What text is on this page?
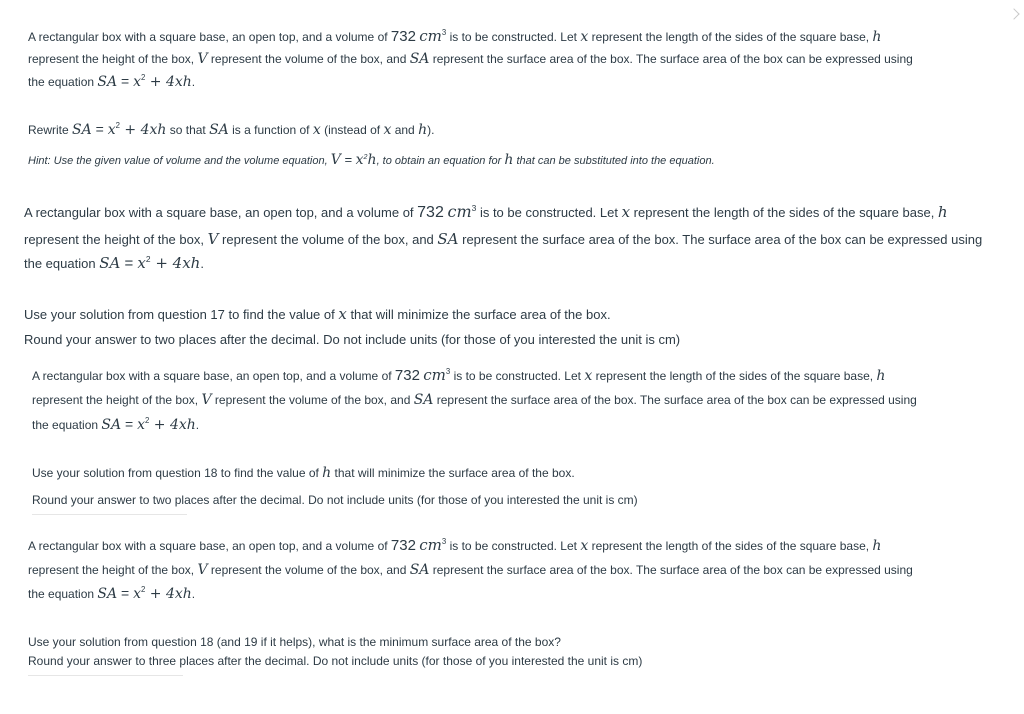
A rectangular box with a square base, an open top, and a volume of 732 $cm^3$ is to be constructed. Let x represent the length of the sides of the square base, h
represent the height of the box, V represent the volume of the box, and SA represent the surface area of the box. The surface area of the box can be expressed using
the equation SA = $x^2 + 4xh$.
Rewrite SA = $x^2 + 4xh$ so that SA is a function of x (instead of x and h).
Hint: Use the given value of volume and the volume equation, $V = x^2h$, to obtain an equation for h that can be substituted into the equation.
A rectangular box with a square base, an open top, and a volume of 732 $cm^3$ is to be constructed. Let x represent the length of the sides of the square base, h
represent the height of the box, V represent the volume of the box, and SA represent the surface area of the box. The surface area of the box can be expressed using
the equation SA = $x^2 + 4xh$.
Use your solution from question 17 to find the value of x that will minimize the surface area of the box.
Round your answer to two places after the decimal. Do not include units (for those of you interested the unit is cm)
A rectangular box with a square base, an open top, and a volume of 732 $cm^3$ is to be constructed. Let x represent the length of the sides of the square base, h
represent the height of the box, V represent the volume of the box, and SA represent the surface area of the box. The surface area of the box can be expressed using
the equation SA = $x^2 + 4xh$.
Use your solution from question 18 to find the value of h that will minimize the surface area of the box.
Round your answer to two places after the decimal. Do not include units (for those of you interested the unit is cm)
A rectangular box with a square base, an open top, and a volume of 732 $cm^3$ is to be constructed. Let x represent the length of the sides of the square base, h
represent the height of the box, V represent the volume of the box, and SA represent the surface area of the box. The surface area of the box can be expressed using
the equation SA = $x^2 + 4xh$.
Use your solution from question 18 (and 19 if it helps), what is the minimum surface area of the box?
Round your answer to three places after the decimal. Do not include units (for those of you interested the unit is cm)
